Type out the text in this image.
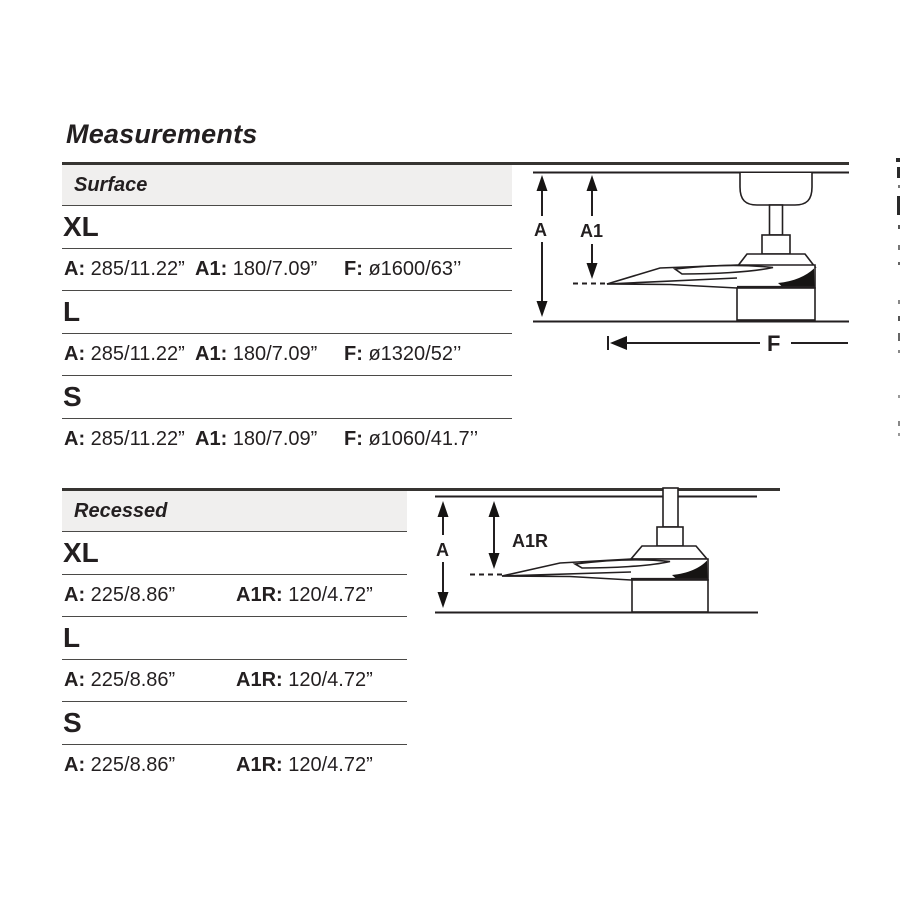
Measurements
Surface
XL
A: 285/11.22” A1: 180/7.09”	F: ø1600/63’’
L
A: 285/11.22” A1: 180/7.09”	F: ø1320/52’’
S
A: 285/11.22” A1: 180/7.09”	F: ø1060/41.7’’
A A1
F
Recessed
XL
A: 225/8.86”	A1R: 120/4.72”
L
A: 225/8.86”	A1R: 120/4.72”
S
A: 225/8.86”	A1R: 120/4.72”
A	A1R
